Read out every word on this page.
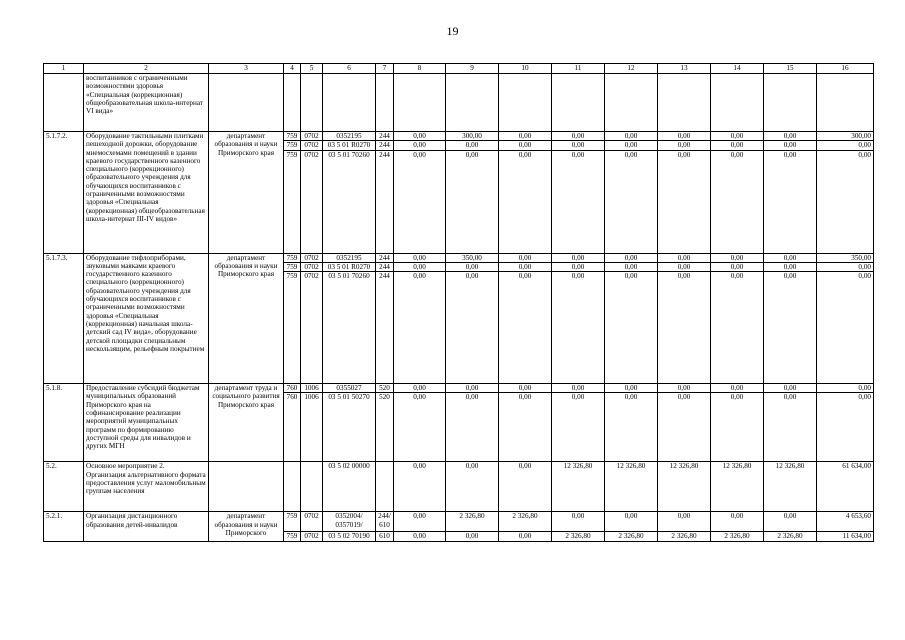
19
1	2	3	4	5	6	7	8	9	10	11	12	13	14	15	16
	воспитанников с ограниченными возможностями здоровья «Специальная (коррекционная) общеобразовательная школа-интернат VI вида»														
5.1.7.2.	Оборудование тактильными плитками пешеходной дорожки, оборудование мнемосхемами помещений в здании краевого государственного казенного специального (коррекционного) образовательного учреждения для обучающихся воспитанников с ограниченными возможностями здоровья «Специальная (коррекционная) общеобразовательная школа-интернат III-IV видов»	департамент образования и науки Приморского края	759	0702	0352195	244	0,00	300,00	0,00	0,00	0,00	0,00	0,00	0,00	300,00
			759	0702	03 5 01 R0270	244	0,00	0,00	0,00	0,00	0,00	0,00	0,00	0,00	0,00
			759	0702	03 5 01 70260	244	0,00	0,00	0,00	0,00	0,00	0,00	0,00	0,00	0,00
5.1.7.3.	Оборудование тифлоприборами, звуковыми маяками краевого государственного казенного специального (коррекционного) образовательного учреждения для обучающихся воспитанников с ограниченными возможностями здоровья «Специальная (коррекционная) начальная школа-детский сад IV вида», оборудование детской площадки специальным нескользящим, рельефным покрытием	департамент образования и науки Приморского края	759	0702	0352195	244	0,00	350,00	0,00	0,00	0,00	0,00	0,00	0,00	350,00
			759	0702	03 5 01 R0270	244	0,00	0,00	0,00	0,00	0,00	0,00	0,00	0,00	0,00
			759	0702	03 5 01 70260	244	0,00	0,00	0,00	0,00	0,00	0,00	0,00	0,00	0,00
5.1.8.	Предоставление субсидий бюджетам муниципальных образований Приморского края на софинансирование реализации мероприятий муниципальных программ по формированию доступной среды для инвалидов и других МГН	департамент труда и социального развития Приморского края	760	1006	0355027	520	0,00	0,00	0,00	0,00	0,00	0,00	0,00	0,00	0,00
			760	1006	03 5 01 50270	520	0,00	0,00	0,00	0,00	0,00	0,00	0,00	0,00	0,00
5.2.	Основное мероприятие 2. Организация альтернативного формата предоставления услуг маломобильным группам населения				03 5 02 00000		0,00	0,00	0,00	12 326,80	12 326,80	12 326,80	12 326,80	12 326,80	61 634,00
5.2.1.	Организация дистанционного образования детей-инвалидов	департамент образования и науки Приморского	759	0702	0352004/ 0357019/	244/ 610	0,00	2 326,80	2 326,80	0,00	0,00	0,00	0,00	0,00	4 653,60
			759	0702	03 5 02 70190	610	0,00	0,00	0,00	2 326,80	2 326,80	2 326,80	2 326,80	2 326,80	11 634,00
